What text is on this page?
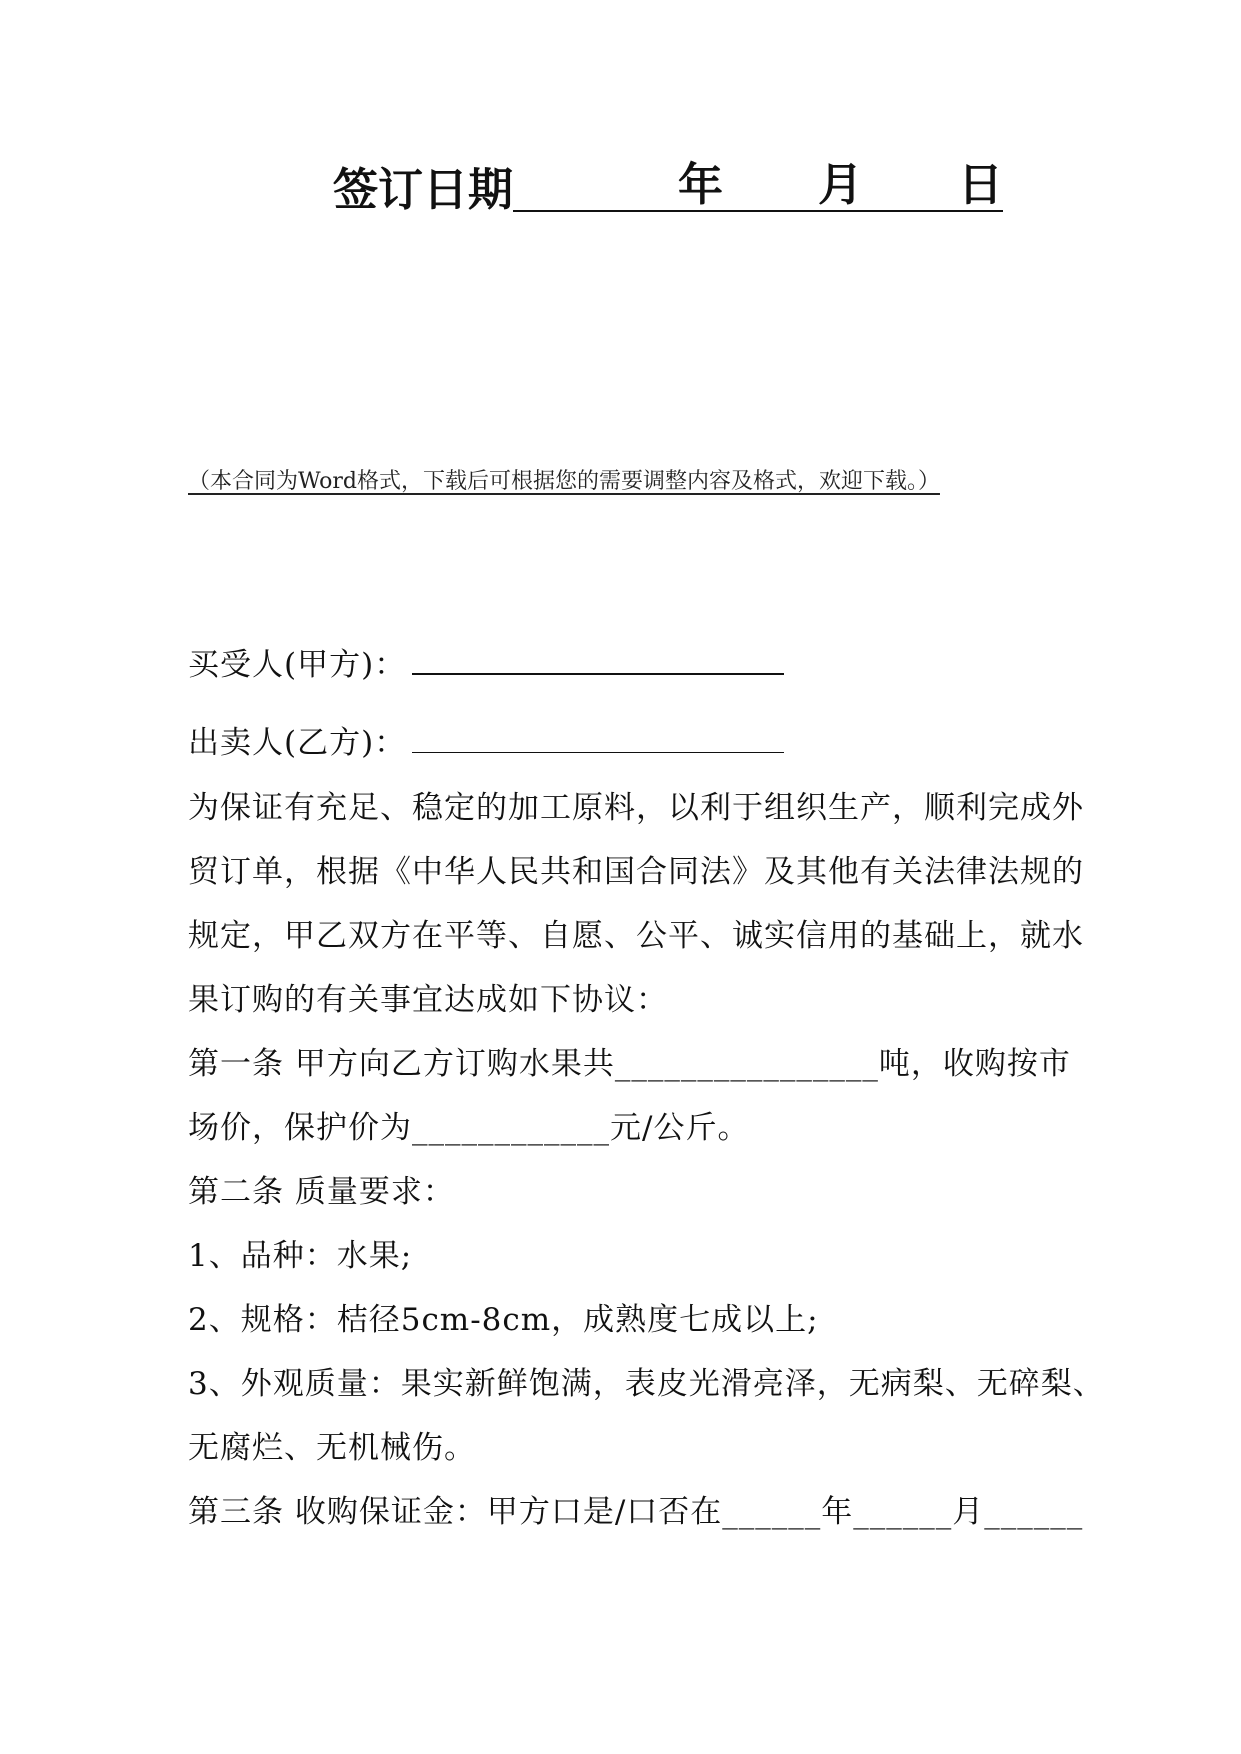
签订日期	年	月	日
（本合同为Word格式，下载后可根据您的需要调整内容及格式，欢迎下载。）
买受人(甲方)：
出卖人(乙方)：
为保证有充足、稳定的加工原料，以利于组织生产，顺利完成外
贸订单，根据《中华人民共和国合同法》及其他有关法律法规的
规定，甲乙双方在平等、自愿、公平、诚实信用的基础上，就水
果订购的有关事宜达成如下协议：
第一条 甲方向乙方订购水果共________________吨，收购按市
场价，保护价为____________元/公斤。
第二条 质量要求：
1、品种：水果;
2、规格：桔径5cm-8cm，成熟度七成以上;
3、外观质量：果实新鲜饱满，表皮光滑亮泽，无病梨、无碎梨、
无腐烂、无机械伤。
第三条 收购保证金：甲方口是/口否在______年______月______
